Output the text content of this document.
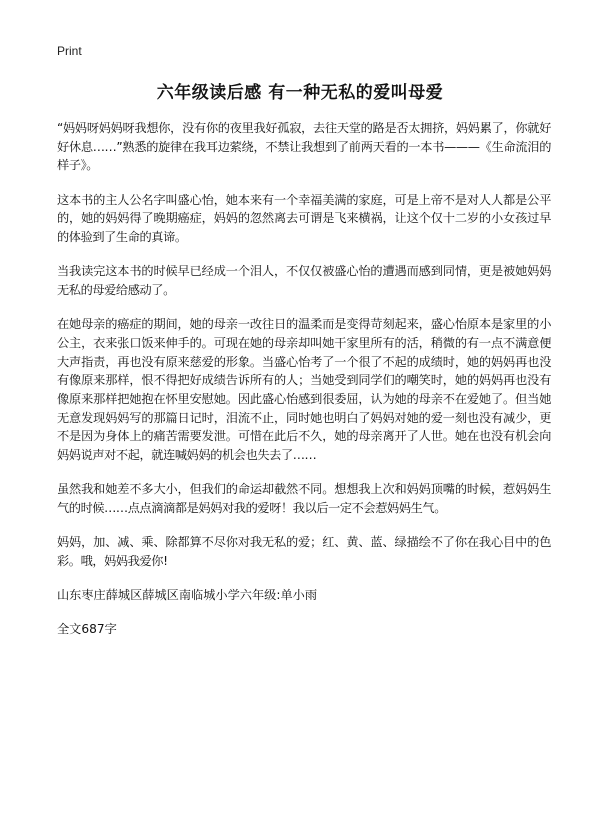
Print
六年级读后感 有一种无私的爱叫母爱

“妈妈呀妈妈呀我想你，没有你的夜里我好孤寂，去往天堂的路是否太拥挤，妈妈累了，你就好好休息……”熟悉的旋律在我耳边萦绕，不禁让我想到了前两天看的一本书———《生命流泪的样子》。

这本书的主人公名字叫盛心怡，她本来有一个幸福美满的家庭，可是上帝不是对人人都是公平的，她的妈妈得了晚期癌症，妈妈的忽然离去可谓是飞来横祸，让这个仅十二岁的小女孩过早的体验到了生命的真谛。

当我读完这本书的时候早已经成一个泪人，不仅仅被盛心怡的遭遇而感到同情，更是被她妈妈无私的母爱给感动了。

在她母亲的癌症的期间，她的母亲一改往日的温柔而是变得苛刻起来，盛心怡原本是家里的小公主，衣来张口饭来伸手的。可现在她的母亲却叫她干家里所有的活，稍微的有一点不满意便大声指责，再也没有原来慈爱的形象。当盛心怡考了一个很了不起的成绩时，她的妈妈再也没有像原来那样，恨不得把好成绩告诉所有的人；当她受到同学们的嘲笑时，她的妈妈再也没有像原来那样把她抱在怀里安慰她。因此盛心怡感到很委屈，认为她的母亲不在爱她了。但当她无意发现妈妈写的那篇日记时，泪流不止，同时她也明白了妈妈对她的爱一刻也没有减少，更不是因为身体上的痛苦需要发泄。可惜在此后不久，她的母亲离开了人世。她在也没有机会向妈妈说声对不起，就连喊妈妈的机会也失去了……

虽然我和她差不多大小，但我们的命运却截然不同。想想我上次和妈妈顶嘴的时候，惹妈妈生气的时候……点点滴滴都是妈妈对我的爱呀！我以后一定不会惹妈妈生气。

妈妈，加、减、乘、除都算不尽你对我无私的爱；红、黄、蓝、绿描绘不了你在我心目中的色彩。哦，妈妈我爱你!

山东枣庄薛城区薛城区南临城小学六年级:单小雨

全文687字
